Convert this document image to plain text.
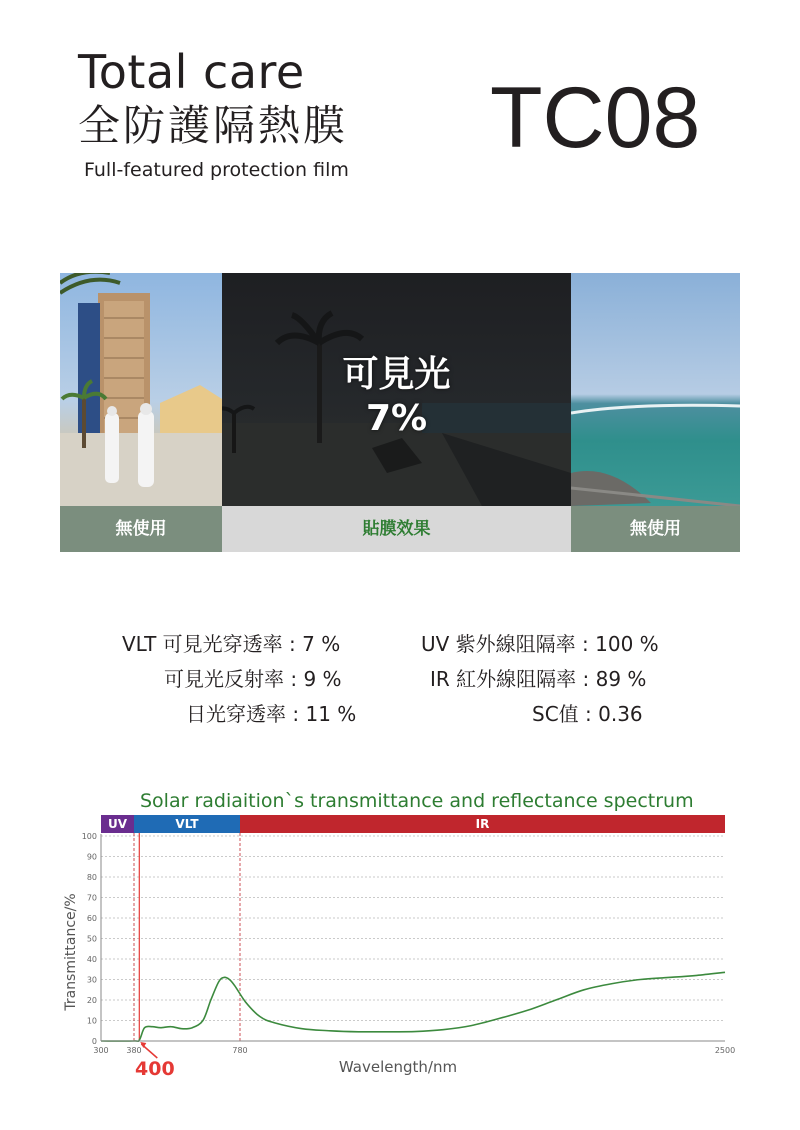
Total care
全防護隔熱膜
Full-featured protection film
TC08
可見光
7%
無使用	貼膜效果	無使用
VLT 可見光穿透率 : 7 %
可見光反射率 : 9 %
日光穿透率 : 11 %
UV 紫外線阻隔率 : 100 %
IR 紅外線阻隔率 : 89 %
SC值 : 0.36
Solar radiaition`s transmittance and reflectance spectrum
UV	VLT	IR
0
10
20
30
40
50
60
70
80
90
100
300 380	780	2500
Transmittance/%
Wavelength/nm
400
